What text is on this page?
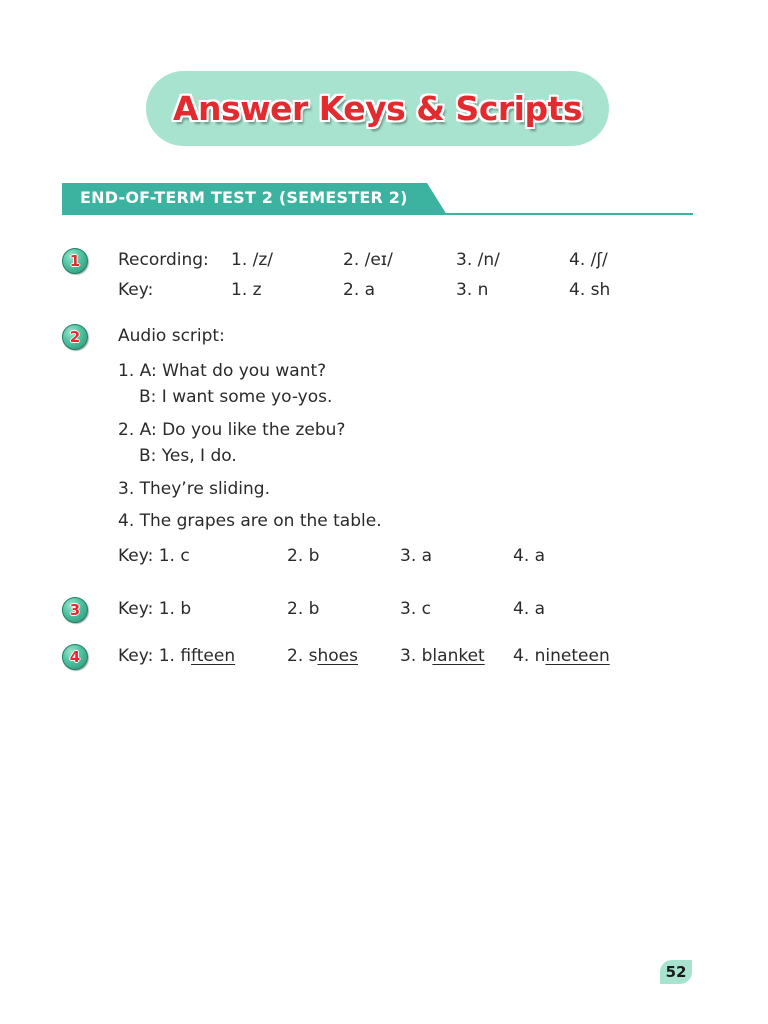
Answer Keys & Scripts
END-OF-TERM TEST 2 (SEMESTER 2)
1	Recording: 1. /z/	2. /eɪ/	3. /n/	4. /ʃ/
Key:	1. z	2. a	3. n	4. sh
2	Audio script:
1. A: What do you want?
B: I want some yo-yos.
2. A: Do you like the zebu?
B: Yes, I do.
3. They’re sliding.
4. The grapes are on the table.
Key: 1. c	2. b	3. a	4. a
3	Key: 1. b	2. b	3. c	4. a
4	Key: 1. fifteen	2. shoes 3. blanket 4. nineteen
52
